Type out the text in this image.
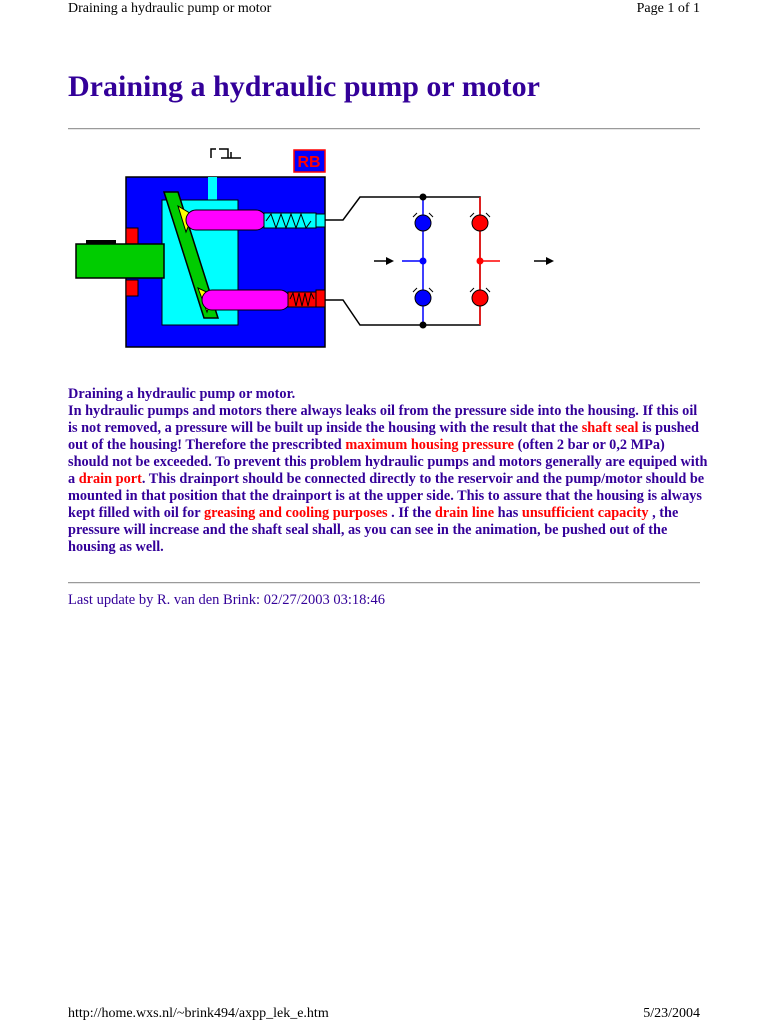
Draining a hydraulic pump or motor	Page 1 of 1
Draining a hydraulic pump or motor
RB
Draining a hydraulic pump or motor.
In hydraulic pumps and motors there always leaks oil from the pressure side into the housing. If this oil is not removed, a pressure will be built up inside the housing with the result that the shaft seal is pushed out of the housing! Therefore the prescribted maximum housing pressure (often 2 bar or 0,2 MPa) should not be exceeded. To prevent this problem hydraulic pumps and motors generally are equiped with a drain port. This drainport should be connected directly to the reservoir and the pump/motor should be mounted in that position that the drainport is at the upper side. This to assure that the housing is always kept filled with oil for greasing and cooling purposes . If the drain line has unsufficient capacity , the pressure will increase and the shaft seal shall, as you can see in the animation, be pushed out of the housing as well.
Last update by R. van den Brink: 02/27/2003 03:18:46
http://home.wxs.nl/~brink494/axpp_lek_e.htm	5/23/2004
